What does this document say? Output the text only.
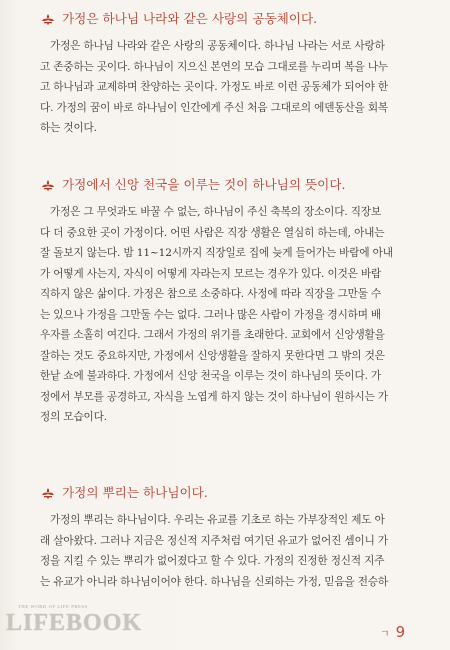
가정은 하나님 나라와 같은 사랑의 공동체이다.
가정은 하나님 나라와 같은 사랑의 공동체이다. 하나님 나라는 서로 사랑하
고 존중하는 곳이다. 하나님이 지으신 본연의 모습 그대로를 누리며 복을 나누
고 하나님과 교제하며 찬양하는 곳이다. 가정도 바로 이런 공동체가 되어야 한
다. 가정의 꿈이 바로 하나님이 인간에게 주신 처음 그대로의 에덴동산을 회복
하는 것이다.
가정에서 신앙 천국을 이루는 것이 하나님의 뜻이다.
가정은 그 무엇과도 바꿀 수 없는, 하나님이 주신 축복의 장소이다. 직장보
다 더 중요한 곳이 가정이다. 어떤 사람은 직장 생활은 열심히 하는데, 아내는
잘 돌보지 않는다. 밤 11~12시까지 직장일로 집에 늦게 들어가는 바람에 아내
가 어떻게 사는지, 자식이 어떻게 자라는지 모르는 경우가 있다. 이것은 바람
직하지 않은 삶이다. 가정은 참으로 소중하다. 사정에 따라 직장을 그만둘 수
는 있으나 가정을 그만둘 수는 없다. 그러나 많은 사람이 가정을 경시하며 배
우자를 소홀히 여긴다. 그래서 가정의 위기를 초래한다. 교회에서 신앙생활을
잘하는 것도 중요하지만, 가정에서 신앙생활을 잘하지 못한다면 그 밖의 것은
한낱 쇼에 불과하다. 가정에서 신앙 천국을 이루는 것이 하나님의 뜻이다. 가
정에서 부모를 공경하고, 자식을 노엽게 하지 않는 것이 하나님이 원하시는 가
정의 모습이다.
가정의 뿌리는 하나님이다.
가정의 뿌리는 하나님이다. 우리는 유교를 기초로 하는 가부장적인 제도 아
래 살아왔다. 그러나 지금은 정신적 지주처럼 여기던 유교가 없어진 셈이니 가
정을 지킬 수 있는 뿌리가 없어졌다고 할 수 있다. 가정의 진정한 정신적 지주
는 유교가 아니라 하나님이어야 한다. 하나님을 신뢰하는 가정, 믿음을 전승하
THE WORD OF LIFE PRESS
LIFEBOOK	ㄱ 9
